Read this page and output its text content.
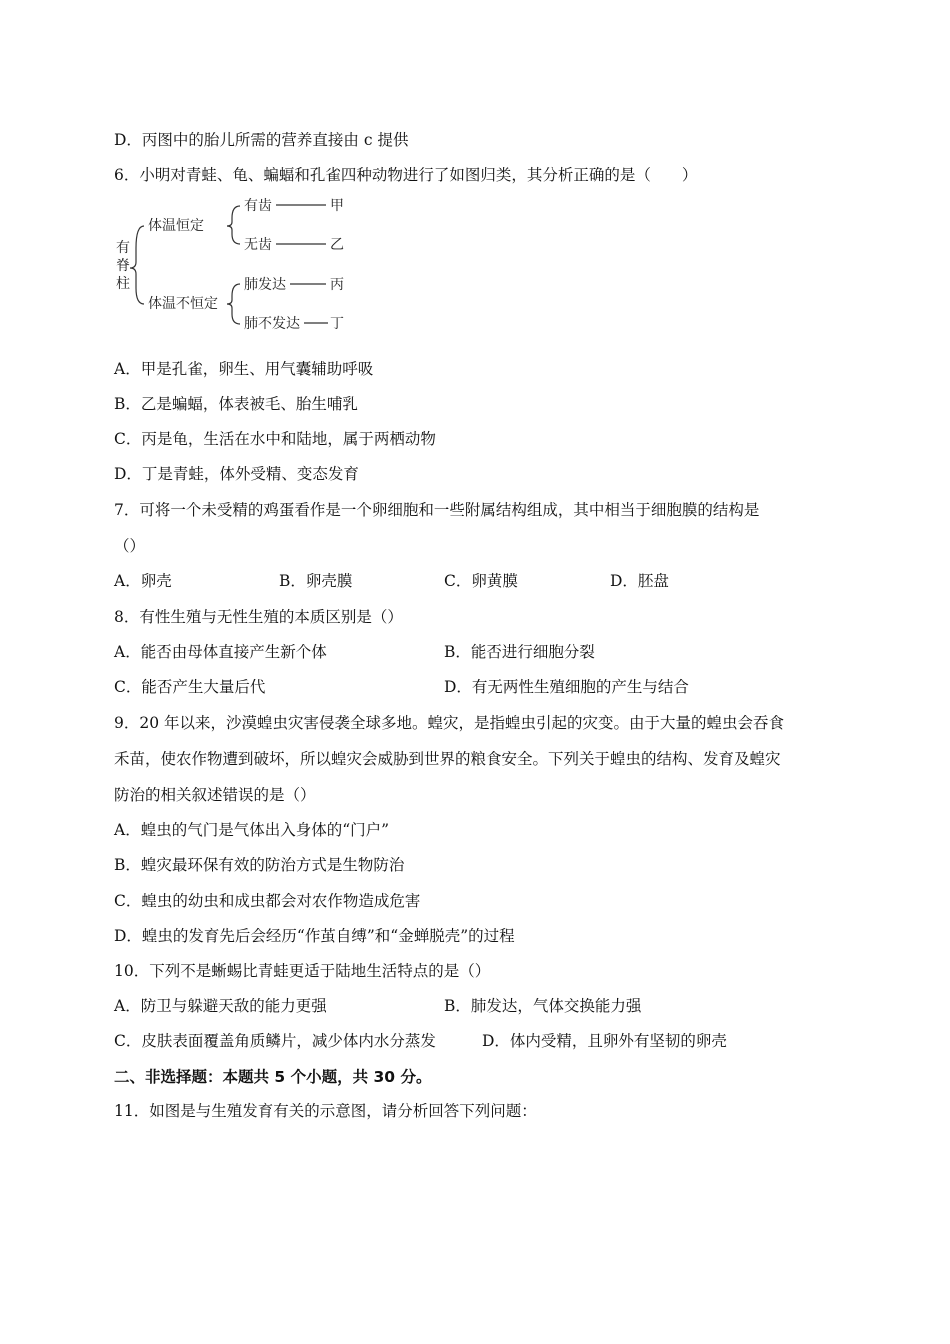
D．丙图中的胎儿所需的营养直接由 c 提供
6．小明对青蛙、龟、蝙蝠和孔雀四种动物进行了如图归类，其分析正确的是（　　）
有
脊
柱
体温恒定
体温不恒定
有齿	甲
无齿	乙
肺发达	丙
肺不发达 丁
A．甲是孔雀，卵生、用气囊辅助呼吸
B．乙是蝙蝠，体表被毛、胎生哺乳
C．丙是龟，生活在水中和陆地，属于两栖动物
D．丁是青蛙，体外受精、变态发育
7．可将一个未受精的鸡蛋看作是一个卵细胞和一些附属结构组成，其中相当于细胞膜的结构是
（）
A．卵壳	B．卵壳膜	C．卵黄膜	D．胚盘
8．有性生殖与无性生殖的本质区别是（）
A．能否由母体直接产生新个体	B．能否进行细胞分裂
C．能否产生大量后代	D．有无两性生殖细胞的产生与结合
9．20 年以来，沙漠蝗虫灾害侵袭全球多地。蝗灾，是指蝗虫引起的灾变。由于大量的蝗虫会吞食
禾苗，使农作物遭到破坏，所以蝗灾会威胁到世界的粮食安全。下列关于蝗虫的结构、发育及蝗灾
防治的相关叙述错误的是（）
A．蝗虫的气门是气体出入身体的“门户”
B．蝗灾最环保有效的防治方式是生物防治
C．蝗虫的幼虫和成虫都会对农作物造成危害
D．蝗虫的发育先后会经历“作茧自缚”和“金蝉脱壳”的过程
10．下列不是蜥蜴比青蛙更适于陆地生活特点的是（）
A．防卫与躲避天敌的能力更强	B．肺发达，气体交换能力强
C．皮肤表面覆盖角质鳞片，减少体内水分蒸发	D．体内受精，且卵外有坚韧的卵壳
二、非选择题：本题共 5 个小题，共 30 分。
11．如图是与生殖发育有关的示意图，请分析回答下列问题：
